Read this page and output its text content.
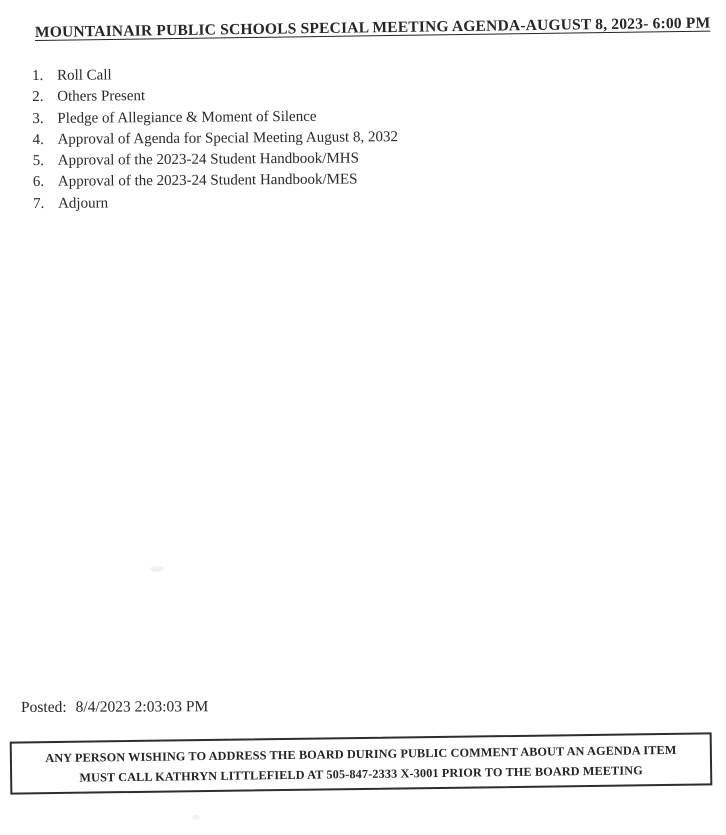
MOUNTAINAIR PUBLIC SCHOOLS SPECIAL MEETING AGENDA-AUGUST 8, 2023- 6:00 PM
1. Roll Call
2. Others Present
3. Pledge of Allegiance & Moment of Silence
4. Approval of Agenda for Special Meeting August 8, 2032
5. Approval of the 2023-24 Student Handbook/MHS
6. Approval of the 2023-24 Student Handbook/MES
7. Adjourn
Posted: 8/4/2023 2:03:03 PM
ANY PERSON WISHING TO ADDRESS THE BOARD DURING PUBLIC COMMENT ABOUT AN AGENDA ITEM
MUST CALL KATHRYN LITTLEFIELD AT 505-847-2333 X-3001 PRIOR TO THE BOARD MEETING
